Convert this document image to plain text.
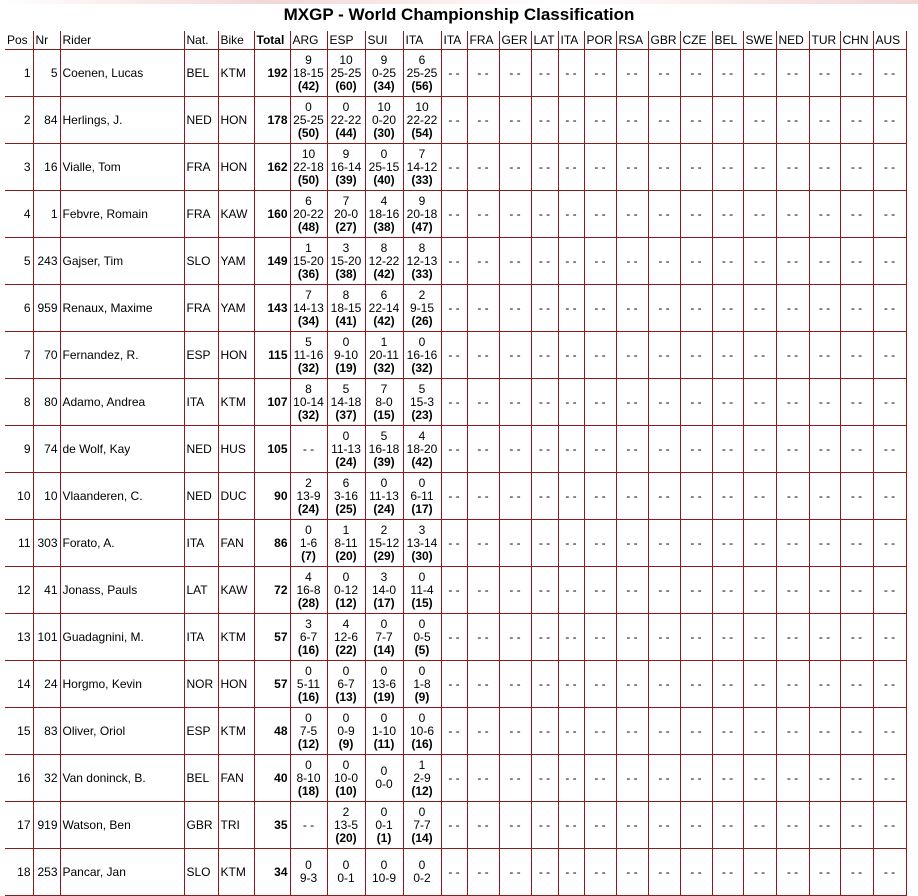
MXGP - World Championship Classification
Pos	Nr	Rider	Nat.	Bike	Total	ARG	ESP	SUI	ITA	ITA	FRA	GER	LAT	ITA	POR	RSA	GBR	CZE	BEL	SWE	NED	TUR	CHN	AUS
1	5	Coenen, Lucas	BEL	KTM	192	9
18-15
(42)	10
25-25
(60)	9
0-25
(34)	6
25-25
(56)	- -	- -	- -	- -	- -	- -	- -	- -	- -	- -	- -	- -	- -	- -	- -
2	84	Herlings, J.	NED	HON	178	0
25-25
(50)	0
22-22
(44)	10
0-20
(30)	10
22-22
(54)	- -	- -	- -	- -	- -	- -	- -	- -	- -	- -	- -	- -	- -	- -	- -
3	16	Vialle, Tom	FRA	HON	162	10
22-18
(50)	9
16-14
(39)	0
25-15
(40)	7
14-12
(33)	- -	- -	- -	- -	- -	- -	- -	- -	- -	- -	- -	- -	- -	- -	- -
4	1	Febvre, Romain	FRA	KAW	160	6
20-22
(48)	7
20-0
(27)	4
18-16
(38)	9
20-18
(47)	- -	- -	- -	- -	- -	- -	- -	- -	- -	- -	- -	- -	- -	- -	- -
5	243	Gajser, Tim	SLO	YAM	149	1
15-20
(36)	3
15-20
(38)	8
12-22
(42)	8
12-13
(33)	- -	- -	- -	- -	- -	- -	- -	- -	- -	- -	- -	- -	- -	- -	- -
6	959	Renaux, Maxime	FRA	YAM	143	7
14-13
(34)	8
18-15
(41)	6
22-14
(42)	2
9-15
(26)	- -	- -	- -	- -	- -	- -	- -	- -	- -	- -	- -	- -	- -	- -	- -
7	70	Fernandez, R.	ESP	HON	115	5
11-16
(32)	0
9-10
(19)	1
20-11
(32)	0
16-16
(32)	- -	- -	- -	- -	- -	- -	- -	- -	- -	- -	- -	- -	- -	- -	- -
8	80	Adamo, Andrea	ITA	KTM	107	8
10-14
(32)	5
14-18
(37)	7
8-0
(15)	5
15-3
(23)	- -	- -	- -	- -	- -	- -	- -	- -	- -	- -	- -	- -	- -	- -	- -
9	74	de Wolf, Kay	NED	HUS	105	- -	0
11-13
(24)	5
16-18
(39)	4
18-20
(42)	- -	- -	- -	- -	- -	- -	- -	- -	- -	- -	- -	- -	- -	- -	- -
10	10	Vlaanderen, C.	NED	DUC	90	2
13-9
(24)	6
3-16
(25)	0
11-13
(24)	0
6-11
(17)	- -	- -	- -	- -	- -	- -	- -	- -	- -	- -	- -	- -	- -	- -	- -
11	303	Forato, A.	ITA	FAN	86	0
1-6
(7)	1
8-11
(20)	2
15-12
(29)	3
13-14
(30)	- -	- -	- -	- -	- -	- -	- -	- -	- -	- -	- -	- -	- -	- -	- -
12	41	Jonass, Pauls	LAT	KAW	72	4
16-8
(28)	0
0-12
(12)	3
14-0
(17)	0
11-4
(15)	- -	- -	- -	- -	- -	- -	- -	- -	- -	- -	- -	- -	- -	- -	- -
13	101	Guadagnini, M.	ITA	KTM	57	3
6-7
(16)	4
12-6
(22)	0
7-7
(14)	0
0-5
(5)	- -	- -	- -	- -	- -	- -	- -	- -	- -	- -	- -	- -	- -	- -	- -
14	24	Horgmo, Kevin	NOR	HON	57	0
5-11
(16)	0
6-7
(13)	0
13-6
(19)	0
1-8
(9)	- -	- -	- -	- -	- -	- -	- -	- -	- -	- -	- -	- -	- -	- -	- -
15	83	Oliver, Oriol	ESP	KTM	48	0
7-5
(12)	0
0-9
(9)	0
1-10
(11)	0
10-6
(16)	- -	- -	- -	- -	- -	- -	- -	- -	- -	- -	- -	- -	- -	- -	- -
16	32	Van doninck, B.	BEL	FAN	40	0
8-10
(18)	0
10-0
(10)	0
0-0	1
2-9
(12)	- -	- -	- -	- -	- -	- -	- -	- -	- -	- -	- -	- -	- -	- -	- -
17	919	Watson, Ben	GBR	TRI	35	- -	2
13-5
(20)	0
0-1
(1)	0
7-7
(14)	- -	- -	- -	- -	- -	- -	- -	- -	- -	- -	- -	- -	- -	- -	- -
18	253	Pancar, Jan	SLO	KTM	34	0
9-3	0
0-1	0
10-9	0
0-2	- -	- -	- -	- -	- -	- -	- -	- -	- -	- -	- -	- -	- -	- -	- -
